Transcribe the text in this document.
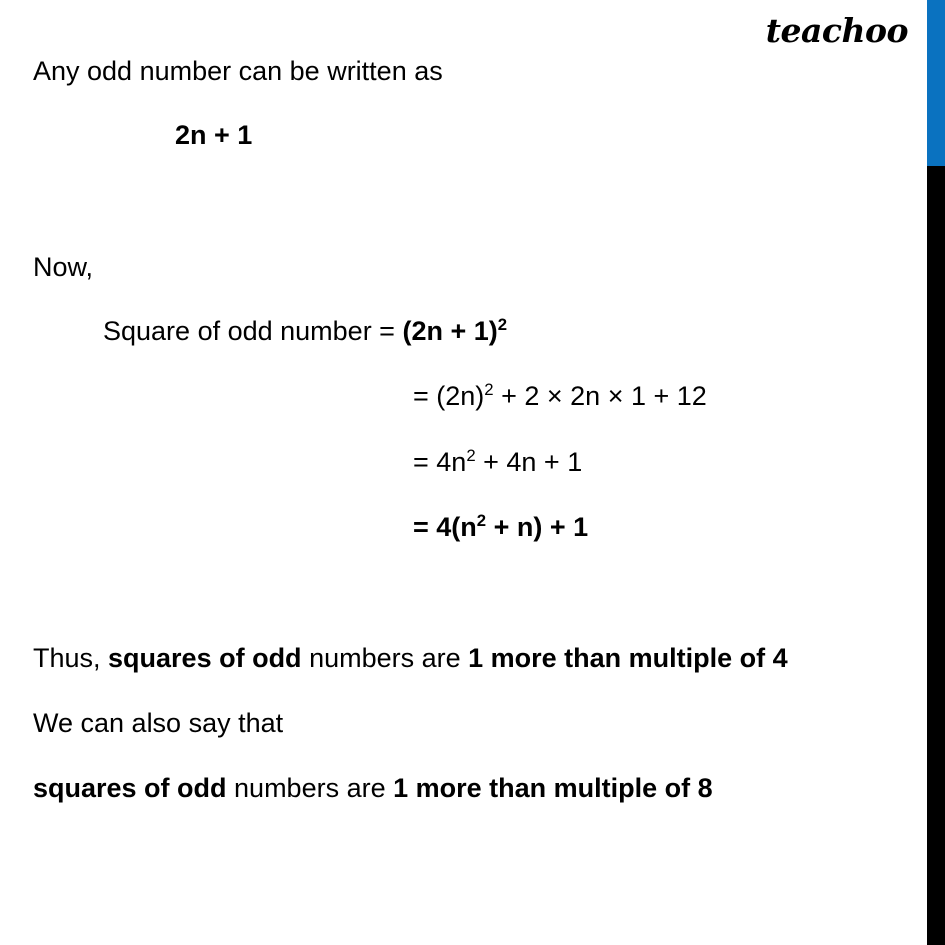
teachoo
Any odd number can be written as
2n + 1
Now,
Square of odd number = $(2n + 1)^2$
= $(2n)^2 + 2 \times 2n \times 1 + 12$
= $4n^2 + 4n + 1$
= $4(n^2 + n) + 1$
Thus, squares of odd numbers are 1 more than multiple of 4
We can also say that
squares of odd numbers are 1 more than multiple of 8
